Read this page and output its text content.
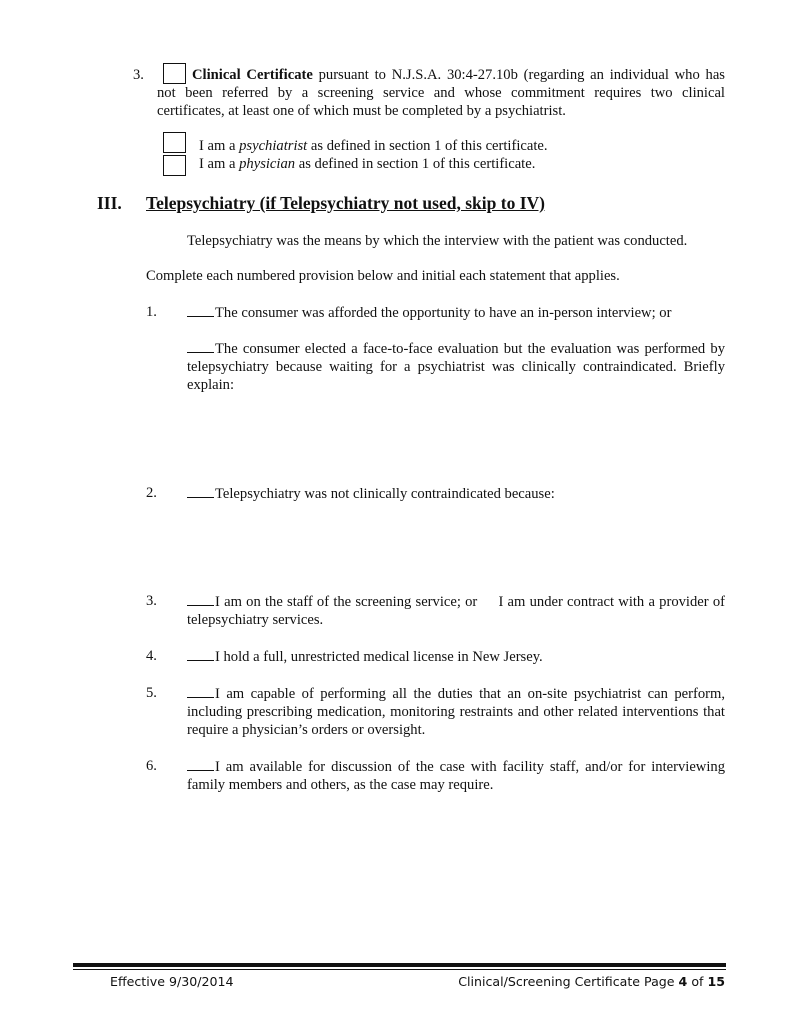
3.	Clinical Certificate pursuant to N.J.S.A. 30:4-27.10b (regarding an individual who has not been referred by a screening service and whose commitment requires two clinical certificates, at least one of which must be completed by a psychiatrist.
I am a psychiatrist as defined in section 1 of this certificate.
I am a physician as defined in section 1 of this certificate.
III. Telepsychiatry (if Telepsychiatry not used, skip to IV)
Telepsychiatry was the means by which the interview with the patient was conducted.
Complete each numbered provision below and initial each statement that applies.
1.	The consumer was afforded the opportunity to have an in-person interview; or
The consumer elected a face-to-face evaluation but the evaluation was performed by telepsychiatry because waiting for a psychiatrist was clinically contraindicated. Briefly explain:
2.	Telepsychiatry was not clinically contraindicated because:
3.	I am on the staff of the screening service; or     I am under contract with a provider of telepsychiatry services.
4.	I hold a full, unrestricted medical license in New Jersey.
5.	I am capable of performing all the duties that an on-site psychiatrist can perform, including prescribing medication, monitoring restraints and other related interventions that require a physician’s orders or oversight.
6.	I am available for discussion of the case with facility staff, and/or for interviewing family members and others, as the case may require.
Effective 9/30/2014	Clinical/Screening Certificate Page 4 of 15
